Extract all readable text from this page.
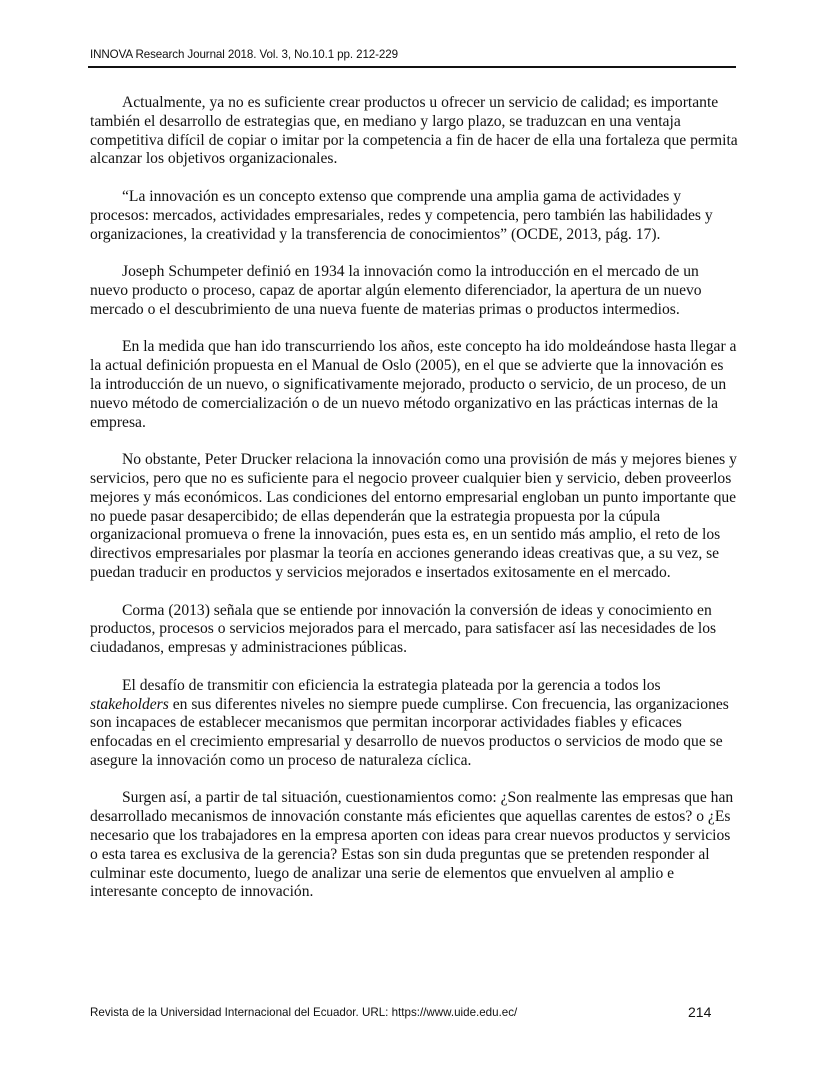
INNOVA Research Journal 2018. Vol. 3, No.10.1 pp. 212-229

Actualmente, ya no es suficiente crear productos u ofrecer un servicio de calidad; es importante también el desarrollo de estrategias que, en mediano y largo plazo, se traduzcan en una ventaja competitiva difícil de copiar o imitar por la competencia a fin de hacer de ella una fortaleza que permita alcanzar los objetivos organizacionales.

“La innovación es un concepto extenso que comprende una amplia gama de actividades y procesos: mercados, actividades empresariales, redes y competencia, pero también las habilidades y organizaciones, la creatividad y la transferencia de conocimientos” (OCDE, 2013, pág. 17).

Joseph Schumpeter definió en 1934 la innovación como la introducción en el mercado de un nuevo producto o proceso, capaz de aportar algún elemento diferenciador, la apertura de un nuevo mercado o el descubrimiento de una nueva fuente de materias primas o productos intermedios.

En la medida que han ido transcurriendo los años, este concepto ha ido moldeándose hasta llegar a la actual definición propuesta en el Manual de Oslo (2005), en el que se advierte que la innovación es la introducción de un nuevo, o significativamente mejorado, producto o servicio, de un proceso, de un nuevo método de comercialización o de un nuevo método organizativo en las prácticas internas de la empresa.

No obstante, Peter Drucker relaciona la innovación como una provisión de más y mejores bienes y servicios, pero que no es suficiente para el negocio proveer cualquier bien y servicio, deben proveerlos mejores y más económicos. Las condiciones del entorno empresarial engloban un punto importante que no puede pasar desapercibido; de ellas dependerán que la estrategia propuesta por la cúpula organizacional promueva o frene la innovación, pues esta es, en un sentido más amplio, el reto de los directivos empresariales por plasmar la teoría en acciones generando ideas creativas que, a su vez, se puedan traducir en productos y servicios mejorados e insertados exitosamente en el mercado.

Corma (2013) señala que se entiende por innovación la conversión de ideas y conocimiento en productos, procesos o servicios mejorados para el mercado, para satisfacer así las necesidades de los ciudadanos, empresas y administraciones públicas.

El desafío de transmitir con eficiencia la estrategia plateada por la gerencia a todos los stakeholders en sus diferentes niveles no siempre puede cumplirse. Con frecuencia, las organizaciones son incapaces de establecer mecanismos que permitan incorporar actividades fiables y eficaces enfocadas en el crecimiento empresarial y desarrollo de nuevos productos o servicios de modo que se asegure la innovación como un proceso de naturaleza cíclica.

Surgen así, a partir de tal situación, cuestionamientos como: ¿Son realmente las empresas que han desarrollado mecanismos de innovación constante más eficientes que aquellas carentes de estos? o ¿Es necesario que los trabajadores en la empresa aporten con ideas para crear nuevos productos y servicios o esta tarea es exclusiva de la gerencia? Estas son sin duda preguntas que se pretenden responder al culminar este documento, luego de analizar una serie de elementos que envuelven al amplio e interesante concepto de innovación.

Revista de la Universidad Internacional del Ecuador. URL: https://www.uide.edu.ec/	214
